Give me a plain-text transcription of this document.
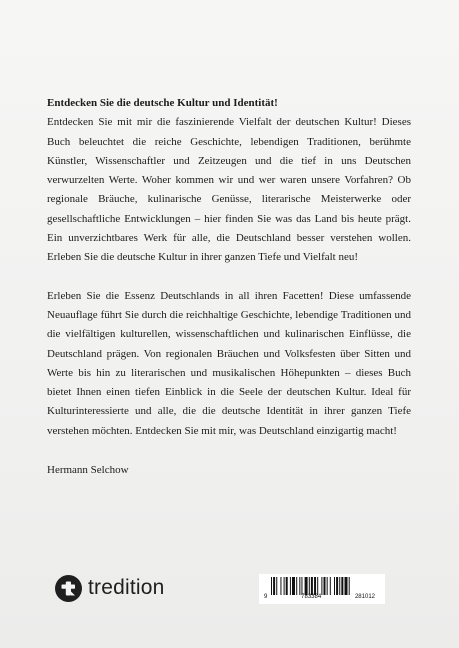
Entdecken Sie die deutsche Kultur und Identität!

Entdecken Sie mit mir die faszinierende Vielfalt der deutschen Kultur! Dieses Buch beleuchtet die reiche Geschichte, lebendigen Traditionen, berühmte Künstler, Wissenschaftler und Zeitzeugen und die tief in uns Deutschen verwurzelten Werte. Woher kommen wir und wer waren unsere Vorfahren? Ob regionale Bräuche, kulinarische Genüsse, literarische Meisterwerke oder gesellschaftliche Entwicklungen – hier finden Sie was das Land bis heute prägt. Ein unverzichtbares Werk für alle, die Deutschland besser verstehen wollen. Erleben Sie die deutsche Kultur in ihrer ganzen Tiefe und Vielfalt neu!

Erleben Sie die Essenz Deutschlands in all ihren Facetten! Diese umfassende Neuauflage führt Sie durch die reichhaltige Geschichte, lebendige Traditionen und die vielfältigen kulturellen, wissenschaftlichen und kulinarischen Einflüsse, die Deutschland prägen. Von regionalen Bräuchen und Volksfesten über Sitten und Werte bis hin zu literarischen und musikalischen Höhepunkten – dieses Buch bietet Ihnen einen tiefen Einblick in die Seele der deutschen Kultur. Ideal für Kulturinteressierte und alle, die die deutsche Identität in ihrer ganzen Tiefe verstehen möchten. Entdecken Sie mit mir, was Deutschland einzigartig macht!

Hermann Selchow

tredition	9	783384	281012
